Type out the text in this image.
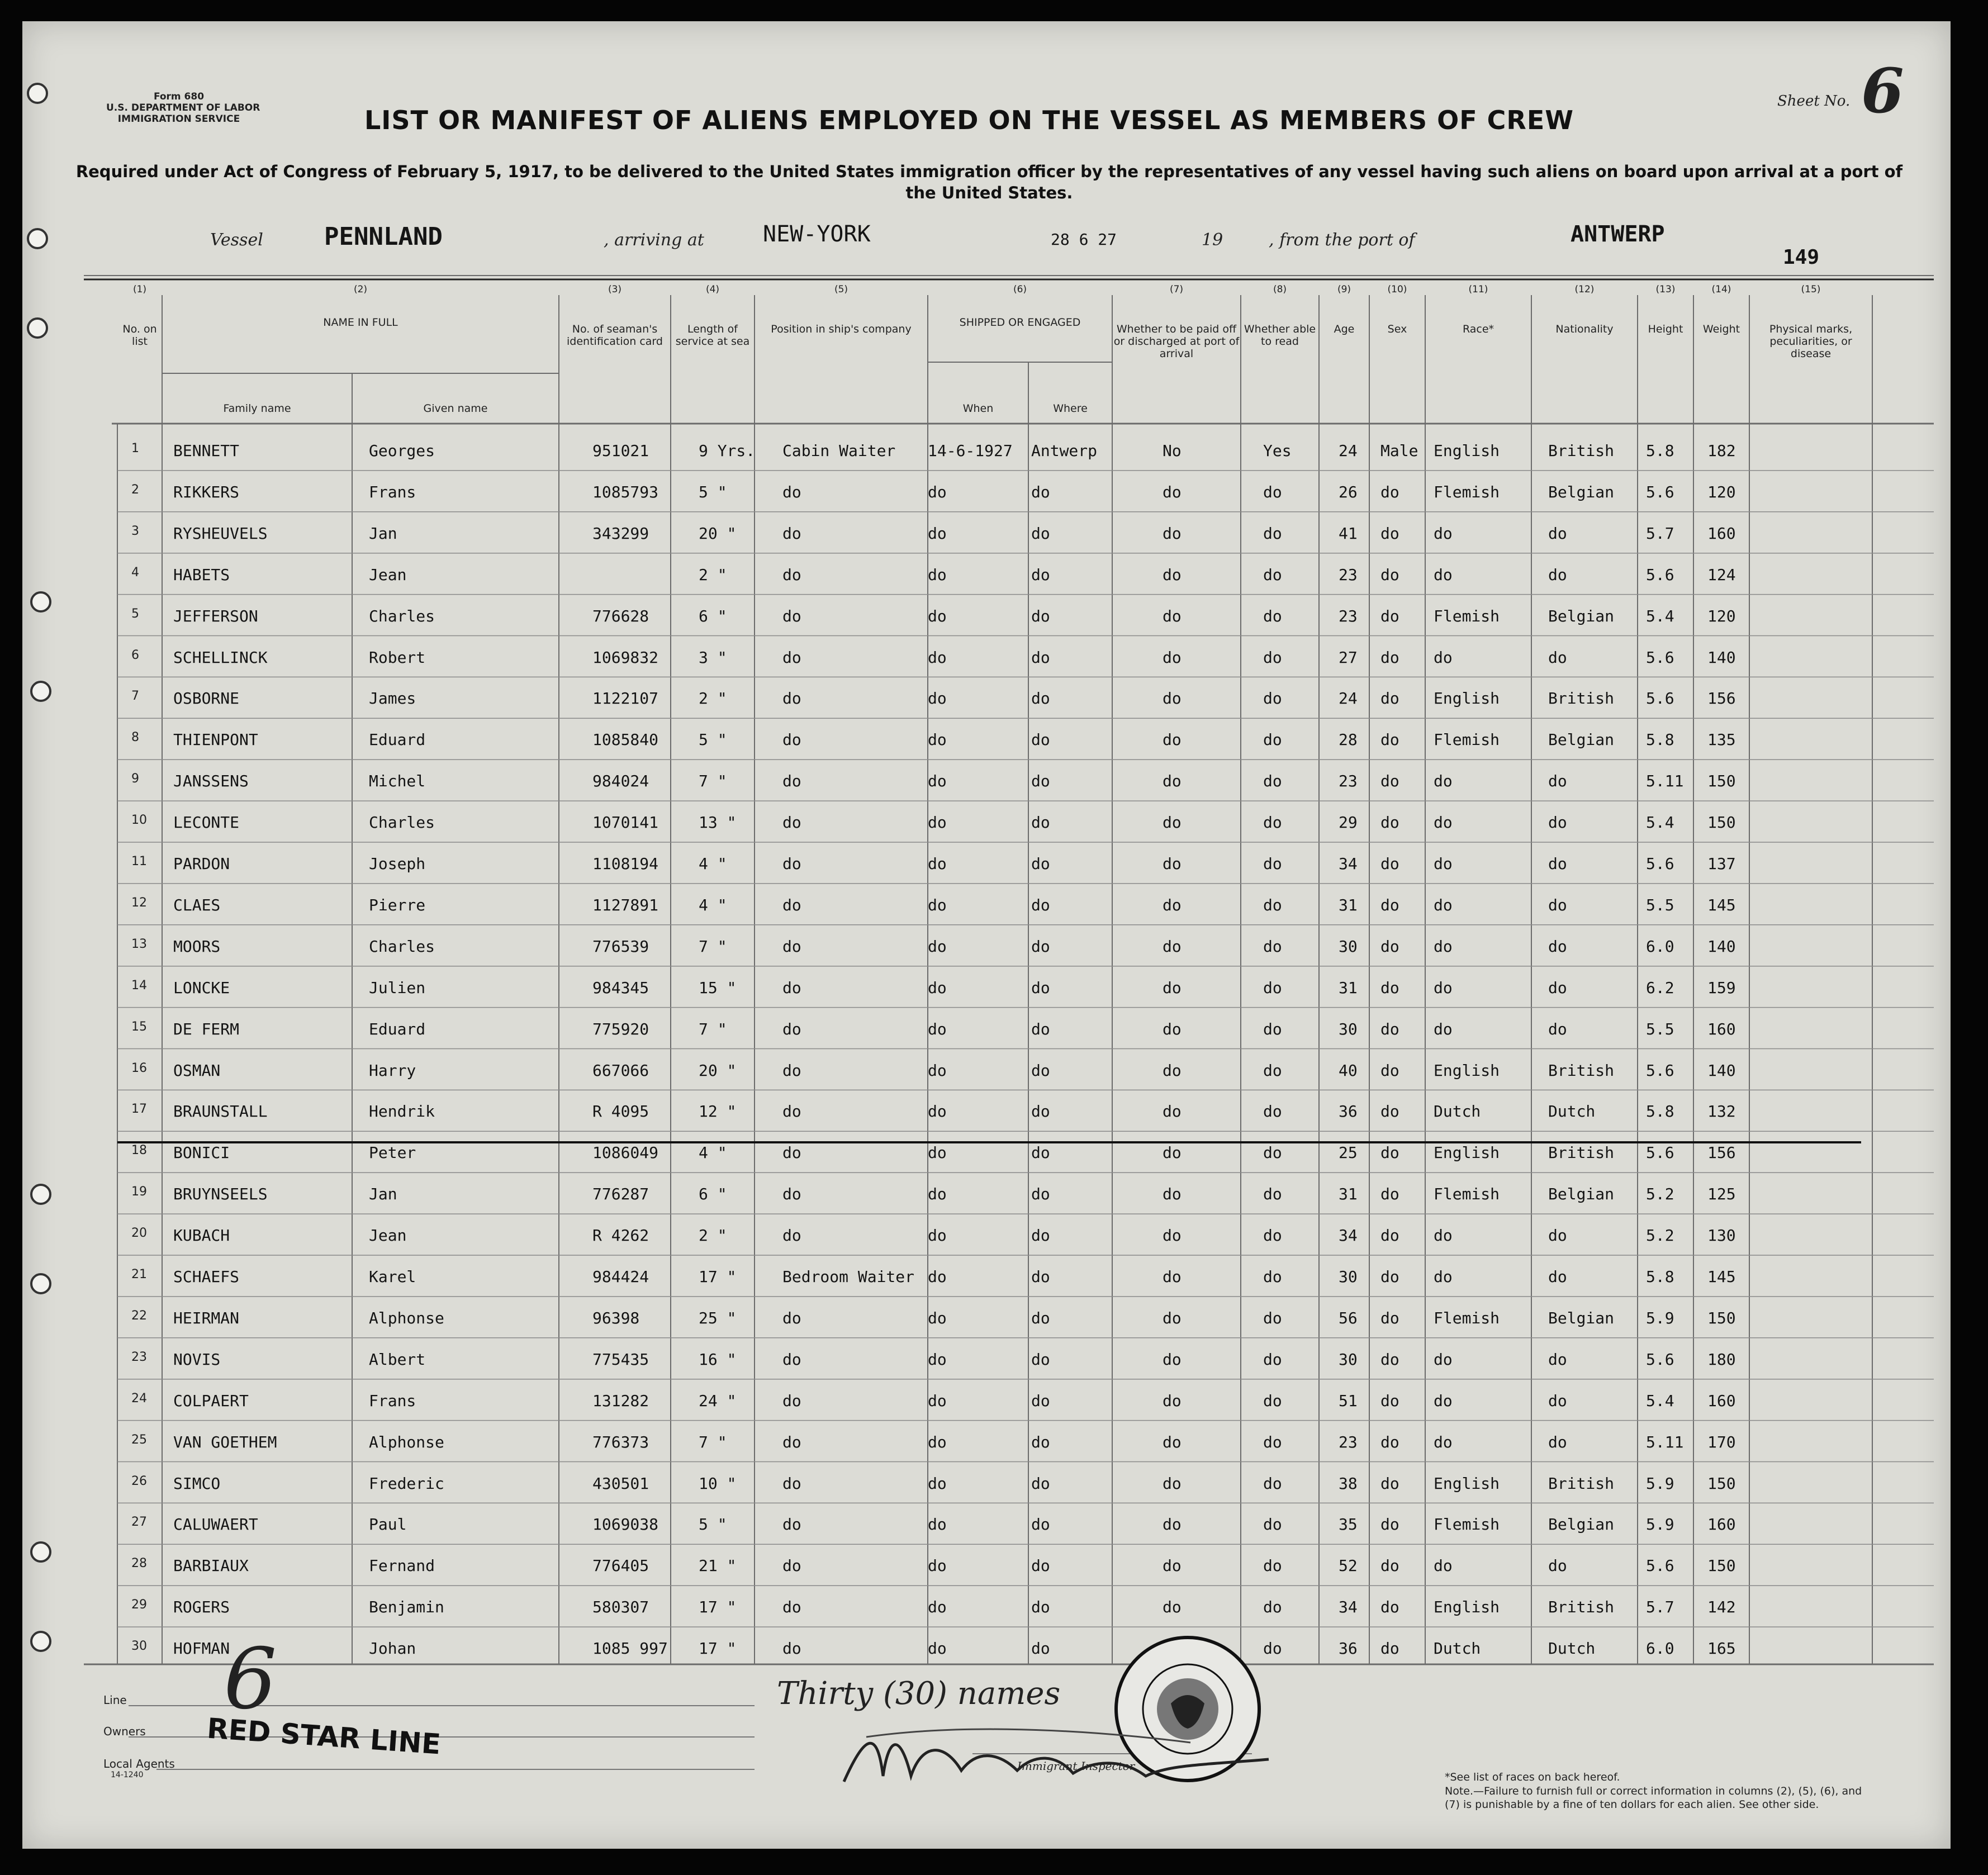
Form 680
U.S. DEPARTMENT OF LABOR
IMMIGRATION SERVICE
Sheet No. 6
LIST OR MANIFEST OF ALIENS EMPLOYED ON THE VESSEL AS MEMBERS OF CREW
Required under Act of Congress of February 5, 1917, to be delivered to the United States immigration officer by the representatives of any vessel having such aliens on board upon arrival at a port of the United States.
Vessel PENNLAND	, arriving at	NEW-YORK	28 6 27	19	, from the port of	ANTWERP
149
(1)
No. on list
(2)
NAME IN FULL
(3)
No. of seaman's identification card
(4)
Length of service at sea
(5)
Position in ship's company
(6)
SHIPPED OR ENGAGED
(7)
Whether to be paid off or discharged at port of arrival
(8)
Whether able to read
(9)
Age
(10)
Sex
(11)
Race*
(12)
Nationality
(13)
Height
(14)
Weight
(15)
Physical marks, peculiarities, or disease
Family name	Given name	When	Where
1 BENNETT	Georges	951021	9 Yrs. Cabin Waiter 14-6-1927 Antwerp	No	Yes	24 Male English	British 5.8 182
2 RIKKERS	Frans	1085793	5 "	do	do	do	do	do	26 do Flemish	Belgian 5.6 120
3 RYSHEUVELS	Jan	343299	20 "	do	do	do	do	do	41 do do	do	5.7 160
4 HABETS	Jean	2 "	do	do	do	do	do	23 do do	do	5.6 124
5 JEFFERSON	Charles	776628	6 "	do	do	do	do	do	23 do Flemish	Belgian 5.4 120
6 SCHELLINCK	Robert	1069832	3 "	do	do	do	do	do	27 do do	do	5.6 140
7 OSBORNE	James	1122107	2 "	do	do	do	do	do	24 do English	British 5.6 156
8 THIENPONT	Eduard	1085840	5 "	do	do	do	do	do	28 do Flemish	Belgian 5.8 135
9 JANSSENS	Michel	984024	7 "	do	do	do	do	do	23 do do	do	5.11 150
10 LECONTE	Charles	1070141	13 "	do	do	do	do	do	29 do do	do	5.4 150
11 PARDON	Joseph	1108194	4 "	do	do	do	do	do	34 do do	do	5.6 137
12 CLAES	Pierre	1127891	4 "	do	do	do	do	do	31 do do	do	5.5 145
13 MOORS	Charles	776539	7 "	do	do	do	do	do	30 do do	do	6.0 140
14 LONCKE	Julien	984345	15 "	do	do	do	do	do	31 do do	do	6.2 159
15 DE FERM	Eduard	775920	7 "	do	do	do	do	do	30 do do	do	5.5 160
16 OSMAN	Harry	667066	20 "	do	do	do	do	do	40 do English	British 5.6 140
17 BRAUNSTALL	Hendrik	R 4095	12 "	do	do	do	do	do	36 do Dutch	Dutch	5.8 132
18 BONICI	Peter	1086049	4 "	do	do	do	do	do	25 do English	British 5.6 156
19 BRUYNSEELS	Jan	776287	6 "	do	do	do	do	do	31 do Flemish	Belgian 5.2 125
20 KUBACH	Jean	R 4262	2 "	do	do	do	do	do	34 do do	do	5.2 130
21 SCHAEFS	Karel	984424	17 "	Bedroom Waiter do	do	do	do	30 do do	do	5.8 145
22 HEIRMAN	Alphonse	96398	25 "	do	do	do	do	do	56 do Flemish	Belgian 5.9 150
23 NOVIS	Albert	775435	16 "	do	do	do	do	do	30 do do	do	5.6 180
24 COLPAERT	Frans	131282	24 "	do	do	do	do	do	51 do do	do	5.4 160
25 VAN GOETHEM	Alphonse	776373	7 "	do	do	do	do	do	23 do do	do	5.11 170
26 SIMCO	Frederic	430501	10 "	do	do	do	do	do	38 do English	British 5.9 150
27 CALUWAERT	Paul	1069038	5 "	do	do	do	do	do	35 do Flemish	Belgian 5.9 160
28 BARBIAUX	Fernand	776405	21 "	do	do	do	do	do	52 do do	do	5.6 150
29 ROGERS	Benjamin	580307	17 "	do	do	do	do	do	34 do English	British 5.7 142
30 HOFMAN	Johan	1085 997 17 "	do	do	do	do	36 do Dutch	Dutch	6.0 165
Thirty (30) names
6
Line
Owners
Local Agents
14-1240
RED STAR LINE
Immigrant Inspector.
*See list of races on back hereof.
Note.—Failure to furnish full or correct information in columns (2), (5), (6), and (7) is punishable by a fine of ten dollars for each alien. See other side.
